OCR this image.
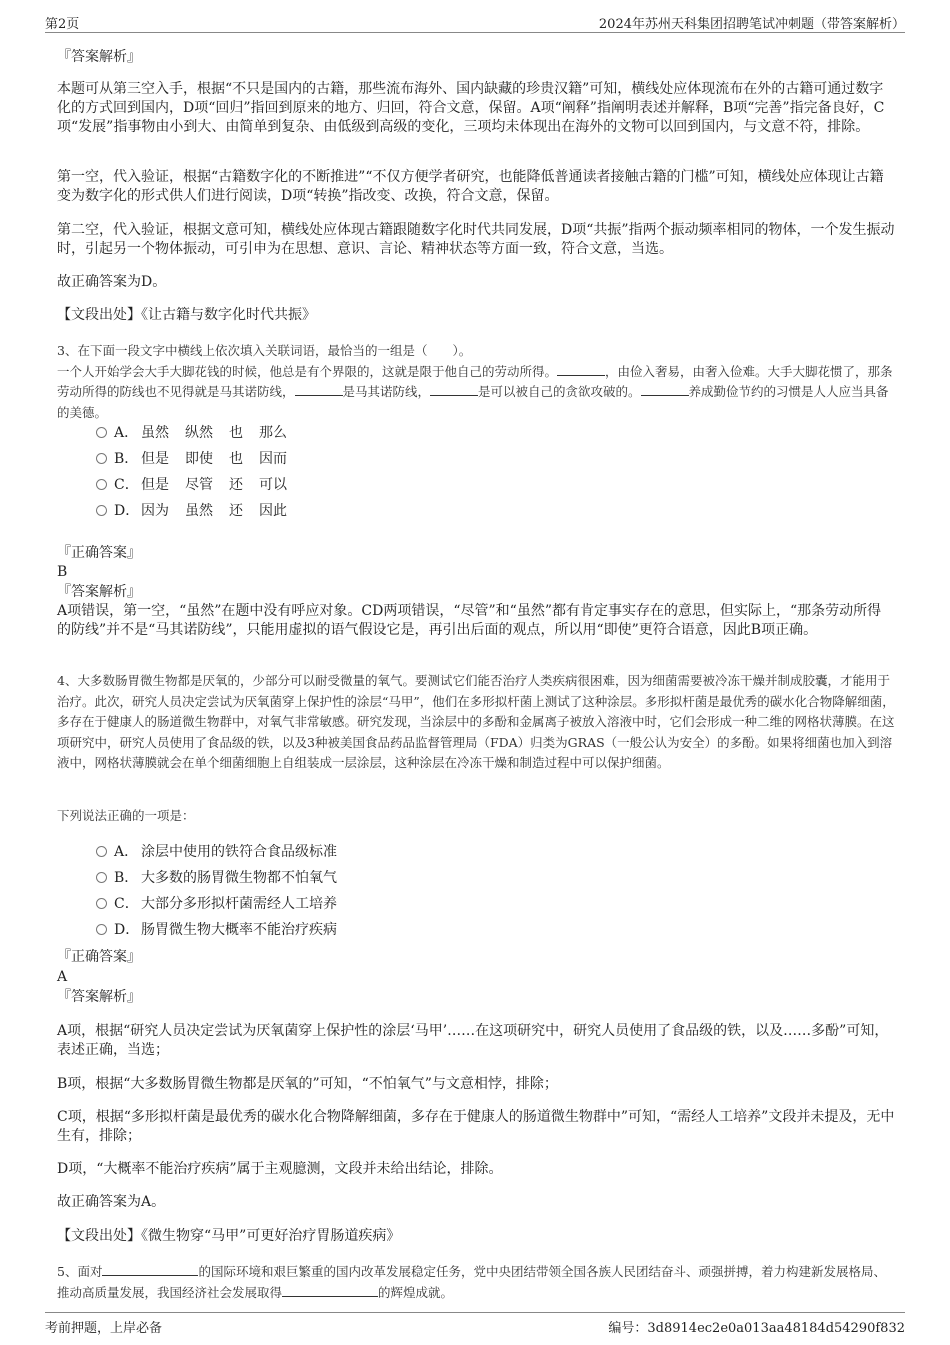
第2页	2024年苏州天科集团招聘笔试冲刺题（带答案解析）

『答案解析』

本题可从第三空入手，根据“不只是国内的古籍，那些流布海外、国内缺藏的珍贵汉籍”可知，横线处应体现流布在外的古籍可通过数字化的方式回到国内，D项“回归”指回到原来的地方、归回，符合文意，保留。A项“阐释”指阐明表述并解释，B项“完善”指完备良好，C项“发展”指事物由小到大、由简单到复杂、由低级到高级的变化，三项均未体现出在海外的文物可以回到国内，与文意不符，排除。

第一空，代入验证，根据“古籍数字化的不断推进”“不仅方便学者研究，也能降低普通读者接触古籍的门槛”可知，横线处应体现让古籍变为数字化的形式供人们进行阅读，D项“转换”指改变、改换，符合文意，保留。

第二空，代入验证，根据文意可知，横线处应体现古籍跟随数字化时代共同发展，D项“共振”指两个振动频率相同的物体，一个发生振动时，引起另一个物体振动，可引申为在思想、意识、言论、精神状态等方面一致，符合文意，当选。

故正确答案为D。

【文段出处】《让古籍与数字化时代共振》

3、在下面一段文字中横线上依次填入关联词语，最恰当的一组是（　　）。
一个人开始学会大手大脚花钱的时候，他总是有个界限的，这就是限于他自己的劳动所得。	，由俭入奢易，由奢入俭难。大手大脚花惯了，那条劳动所得的防线也不见得就是马其诺防线，	是马其诺防线，	是可以被自己的贪欲攻破的。	养成勤俭节约的习惯是人人应当具备的美德。
A． 虽然 纵然 也 那么
B． 但是 即使 也 因而
C． 但是 尽管 还 可以
D． 因为 虽然 还 因此

『正确答案』

B

『答案解析』

A项错误，第一空，“虽然”在题中没有呼应对象。CD两项错误，“尽管”和“虽然”都有肯定事实存在的意思，但实际上，“那条劳动所得的防线”并不是“马其诺防线”，只能用虚拟的语气假设它是，再引出后面的观点，所以用“即使”更符合语意，因此B项正确。

4、大多数肠胃微生物都是厌氧的，少部分可以耐受微量的氧气。要测试它们能否治疗人类疾病很困难，因为细菌需要被冷冻干燥并制成胶囊，才能用于治疗。此次，研究人员决定尝试为厌氧菌穿上保护性的涂层“马甲”，他们在多形拟杆菌上测试了这种涂层。多形拟杆菌是最优秀的碳水化合物降解细菌，多存在于健康人的肠道微生物群中，对氧气非常敏感。研究发现，当涂层中的多酚和金属离子被放入溶液中时，它们会形成一种二维的网格状薄膜。在这项研究中，研究人员使用了食品级的铁，以及3种被美国食品药品监督管理局（FDA）归类为GRAS（一般公认为安全）的多酚。如果将细菌也加入到溶液中，网格状薄膜就会在单个细菌细胞上自组装成一层涂层，这种涂层在冷冻干燥和制造过程中可以保护细菌。

下列说法正确的一项是：

A． 涂层中使用的铁符合食品级标准
B． 大多数的肠胃微生物都不怕氧气
C． 大部分多形拟杆菌需经人工培养
D． 肠胃微生物大概率不能治疗疾病

『正确答案』

A

『答案解析』

A项，根据“研究人员决定尝试为厌氧菌穿上保护性的涂层‘马甲’……在这项研究中，研究人员使用了食品级的铁，以及……多酚”可知，表述正确，当选；

B项，根据“大多数肠胃微生物都是厌氧的”可知，“不怕氧气”与文意相悖，排除；

C项，根据“多形拟杆菌是最优秀的碳水化合物降解细菌，多存在于健康人的肠道微生物群中”可知，“需经人工培养”文段并未提及，无中生有，排除；

D项，“大概率不能治疗疾病”属于主观臆测，文段并未给出结论，排除。

故正确答案为A。

【文段出处】《微生物穿“马甲”可更好治疗胃肠道疾病》

5、面对	的国际环境和艰巨繁重的国内改革发展稳定任务，党中央团结带领全国各族人民团结奋斗、顽强拼搏，着力构建新发展格局、推动高质量发展，我国经济社会发展取得	的辉煌成就。
考前押题，上岸必备	编号：3d8914ec2e0a013aa48184d54290f832
